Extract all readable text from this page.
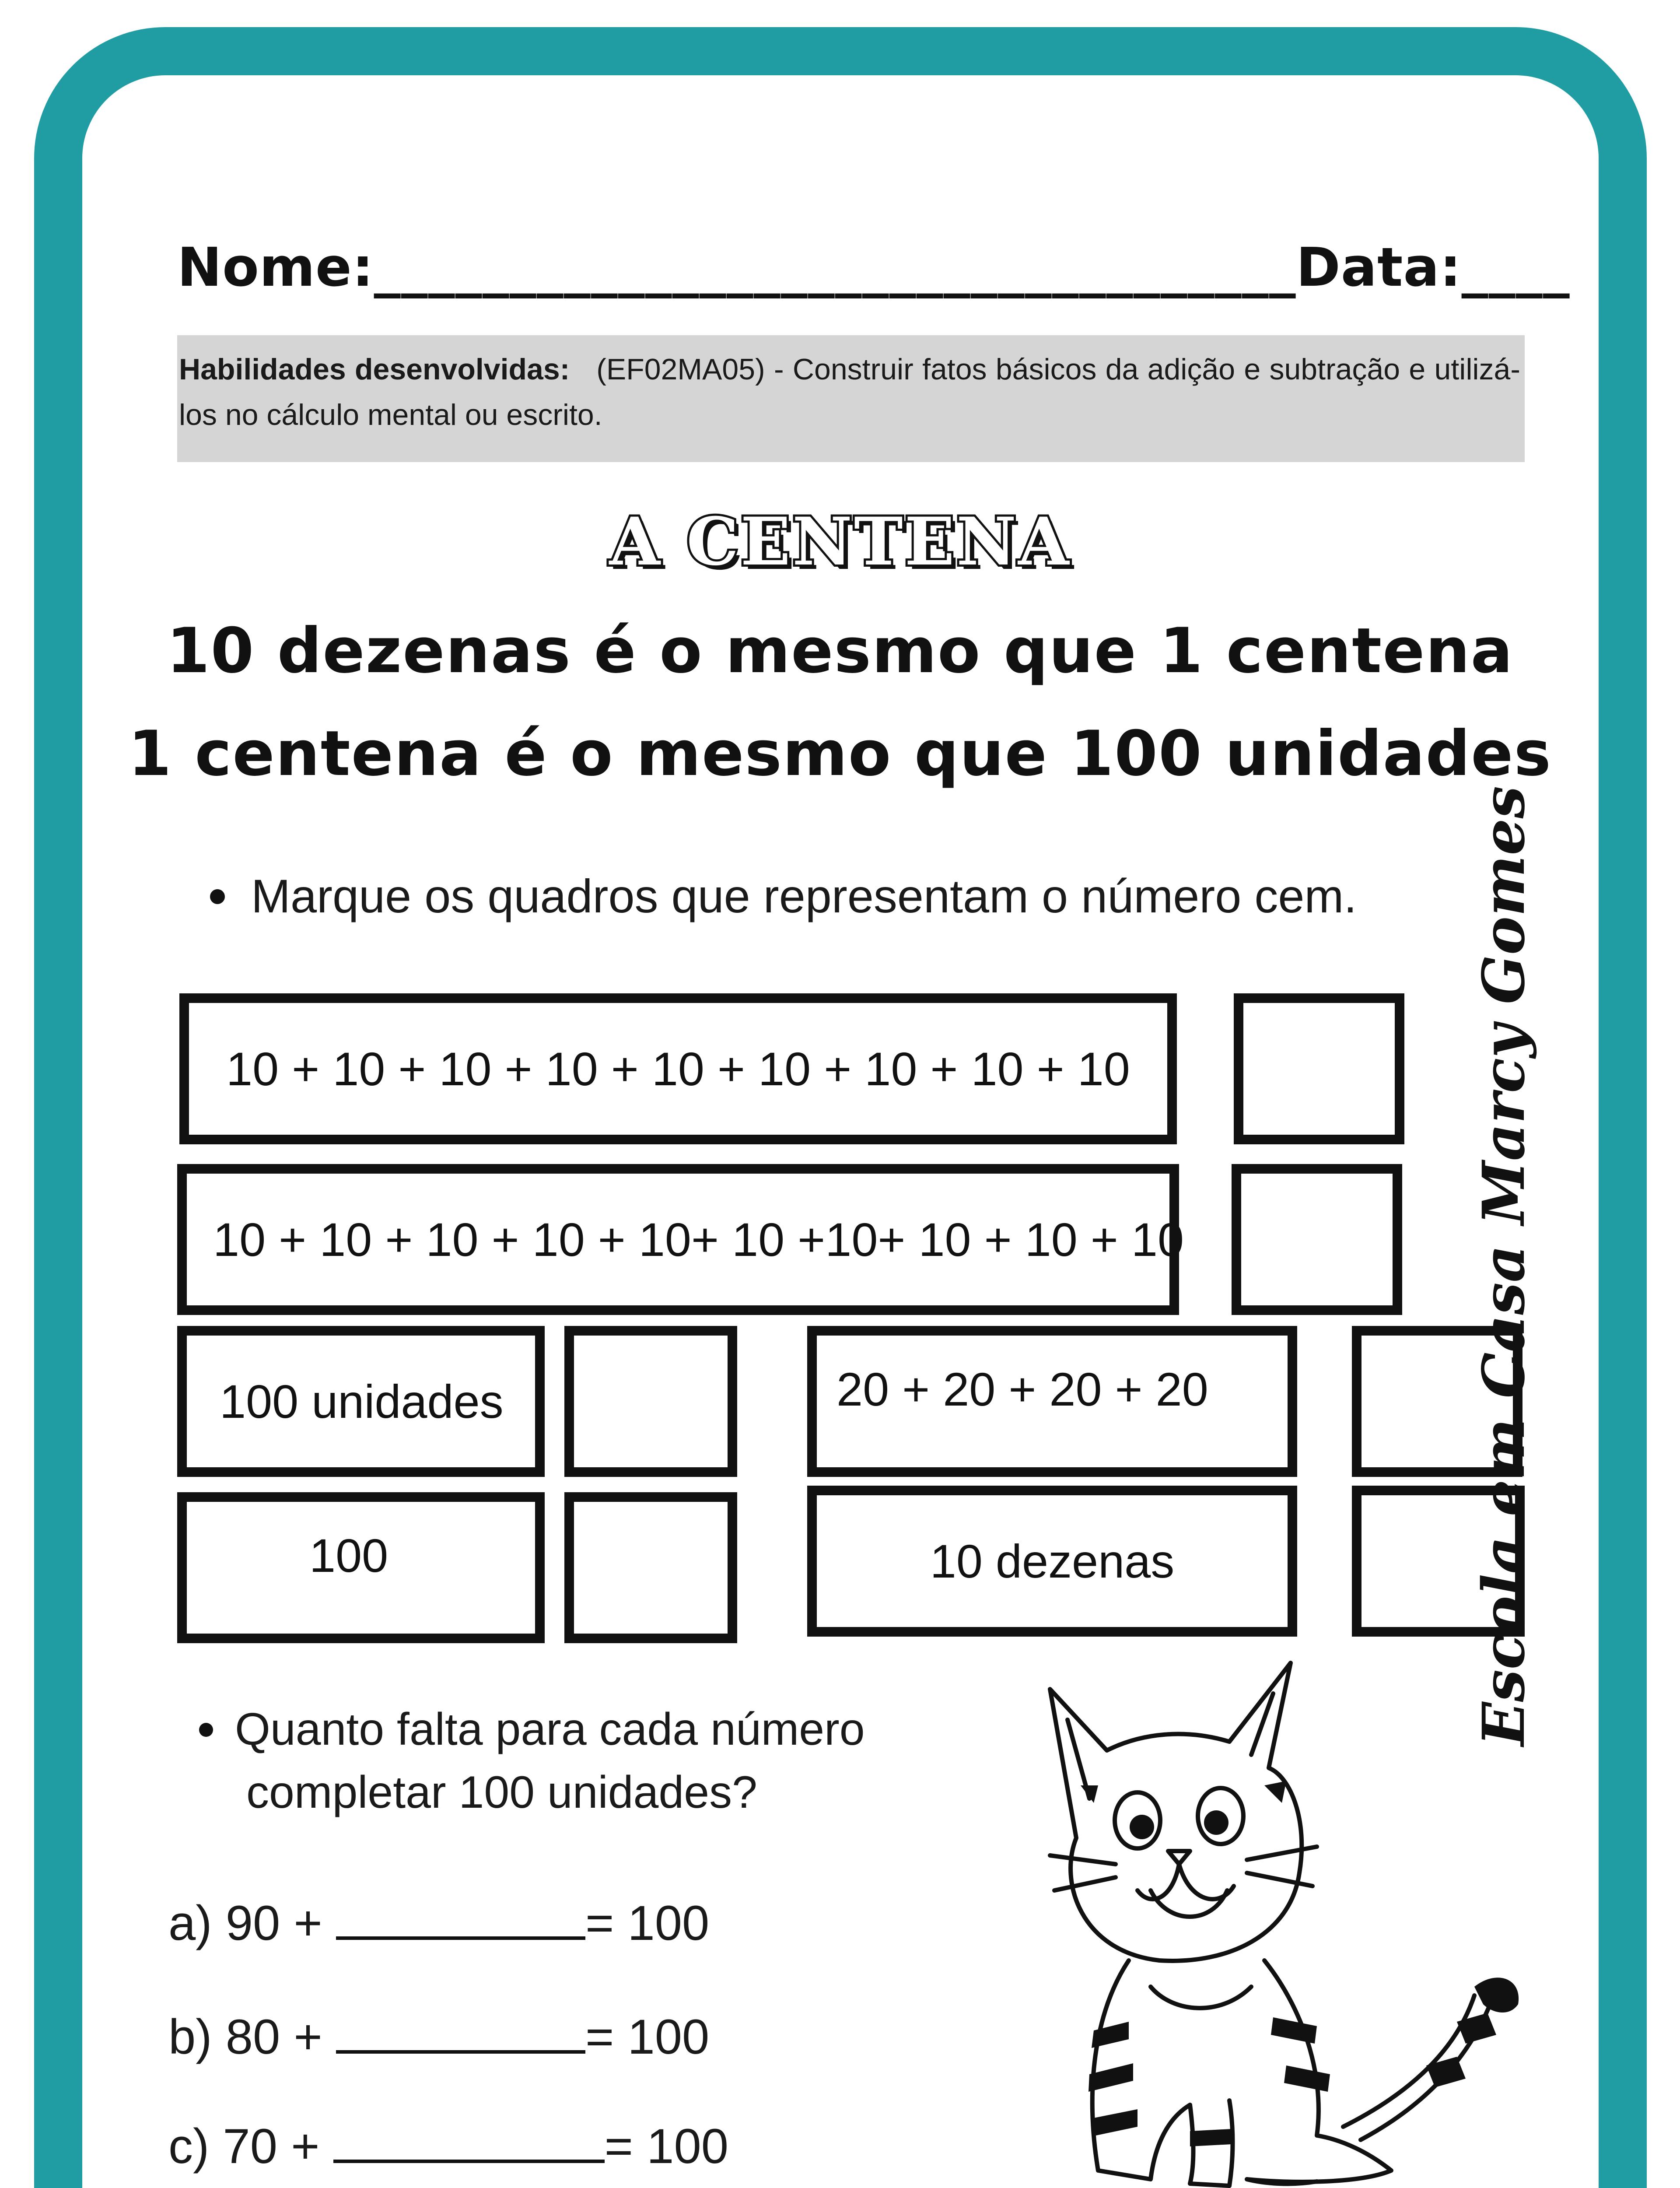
Nome:__________________________________Data:____
Habilidades desenvolvidas: (EF02MA05) - Construir fatos básicos da adição e subtração e utilizá-los no cálculo mental ou escrito.
A CENTENA
10 dezenas é o mesmo que 1 centena
1 centena é o mesmo que 100 unidades
Marque os quadros que representam o número cem.
10 + 10 + 10 + 10 + 10 + 10 + 10 + 10 + 10
10 + 10 + 10 + 10 + 10+ 10 +10+ 10 + 10 + 10
100 unidades	20 + 20 + 20 + 20
100	10 dezenas
Quanto falta para cada número
completar 100 unidades?
a) 90 +	= 100
b) 80 +	= 100
c) 70 +	= 100
Escola em Casa Marcy Gomes
